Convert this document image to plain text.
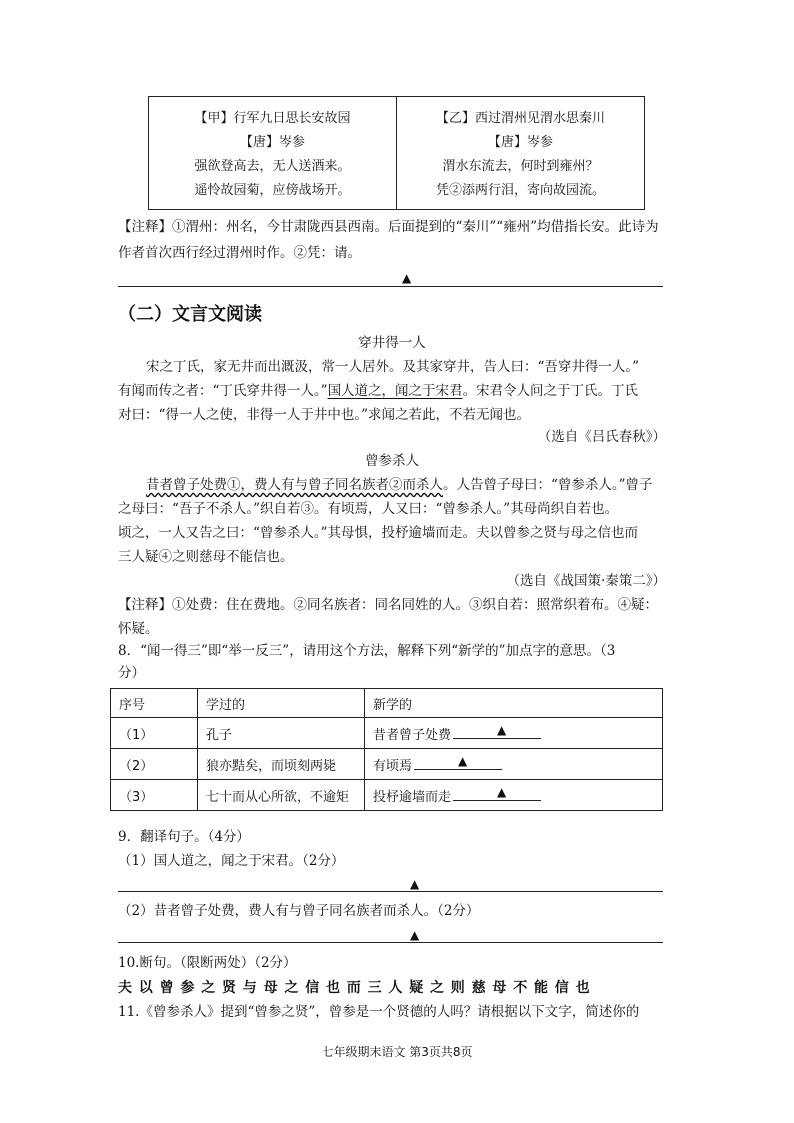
【甲】行军九日思长安故园
【唐】岑参
强欲登高去，无人送酒来。
遥怜故园菊，应傍战场开。
【乙】西过渭州见渭水思秦川
【唐】岑参
渭水东流去，何时到雍州？
凭②添两行泪，寄向故园流。
【注释】①渭州：州名，今甘肃陇西县西南。后面提到的“秦川”“雍州”均借指长安。此诗为作者首次西行经过渭州时作。②凭：请。
▲
（二）文言文阅读
穿井得一人
宋之丁氏，家无井而出溉汲，常一人居外。及其家穿井，告人曰：“吾穿井得一人。”
有闻而传之者：“丁氏穿井得一人。”国人道之，闻之于宋君。宋君令人问之于丁氏。丁氏
对曰：“得一人之使，非得一人于井中也。”求闻之若此，不若无闻也。
（选自《吕氏春秋》）
曾参杀人
昔者曾子处费①，费人有与曾子同名族者②而杀人。人告曾子母曰：“曾参杀人。”曾子
之母曰：“吾子不杀人。”织自若③。有顷焉，人又曰：“曾参杀人。”其母尚织自若也。
顷之，一人又告之曰：“曾参杀人。”其母惧，投杼逾墙而走。夫以曾参之贤与母之信也而
三人疑④之则慈母不能信也。
（选自《战国策·秦策二》）
【注释】①处费：住在费地。②同名族者：同名同姓的人。③织自若：照常织着布。④疑：
怀疑。
8．“闻一得三”即“举一反三”，请用这个方法，解释下列“新学的”加点字的意思。（3
分）
序号	学过的	新学的
（1）	孔子	昔者曾子处费 ▲

（2）	狼亦黠矣，而顷刻两毙	有顷焉 ▲

（3）	七十而从心所欲，不逾矩	投杼逾墙而走 ▲
9．翻译句子。（4分）
（1）国人道之，闻之于宋君。（2分）
▲
（2）昔者曾子处费，费人有与曾子同名族者而杀人。（2分）
▲
10.断句。（限断两处）（2分）
夫以曾参之贤与母之信也而三人疑之则慈母不能信也
11.《曾参杀人》提到“曾参之贤”，曾参是一个贤德的人吗？请根据以下文字，简述你的
七年级期末语文 第3页共8页
